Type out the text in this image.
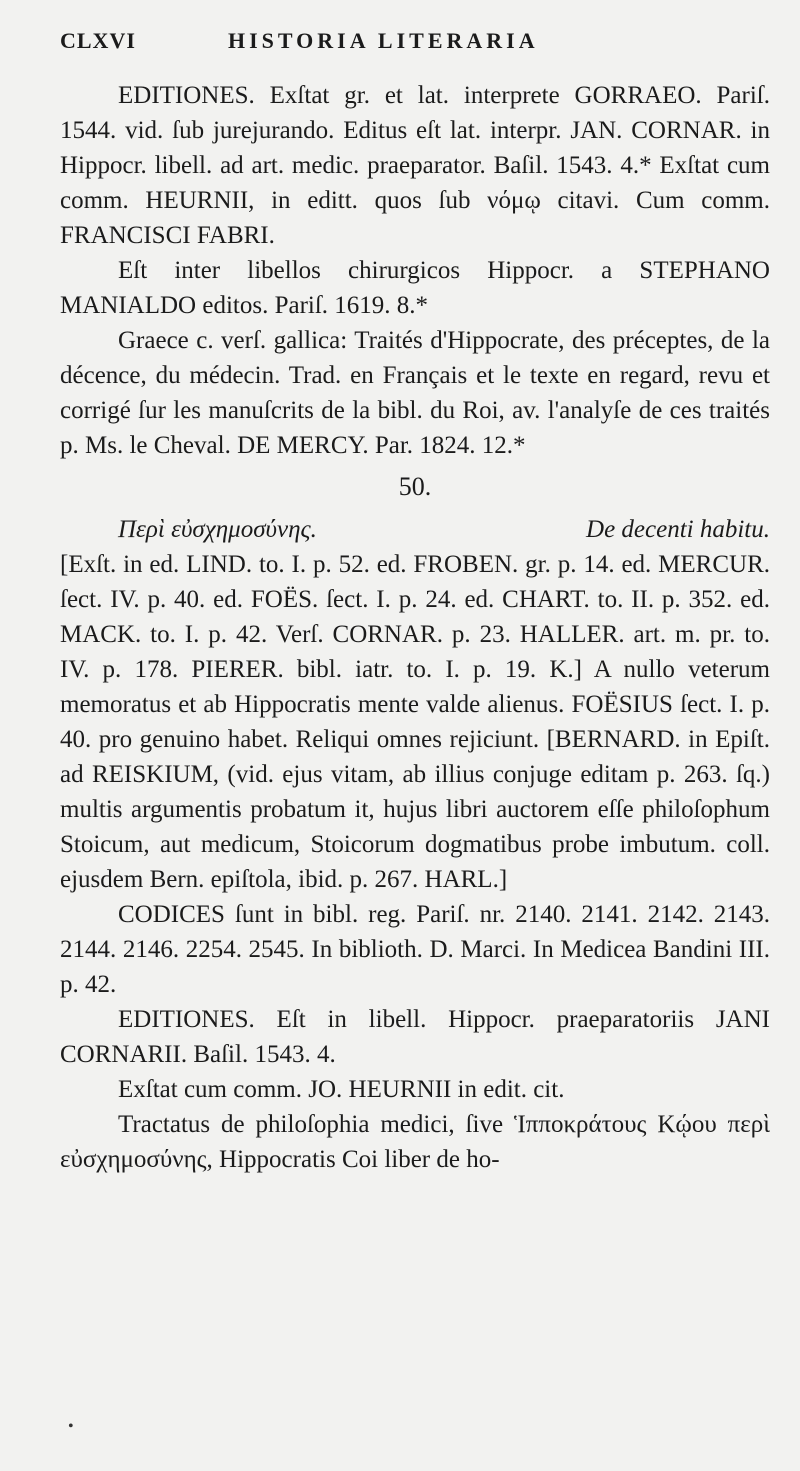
CLXVI	HISTORIA LITERARIA

EDITIONES. Exſtat gr. et lat. interprete GORRAEO. Pariſ. 1544. vid. ſub jurejurando. Editus eſt lat. interpr. JAN. CORNAR. in Hippocr. libell. ad art. medic. praeparator. Baſil. 1543. 4.* Exſtat cum comm. HEURNII, in editt. quos ſub νόμῳ citavi. Cum comm. FRANCISCI FABRI.

Eſt inter libellos chirurgicos Hippocr. a STEPHANO MANIALDO editos. Pariſ. 1619. 8.*

Graece c. verſ. gallica: Traités d'Hippocrate, des préceptes, de la décence, du médecin. Trad. en Français et le texte en regard, revu et corrigé ſur les manuſcrits de la bibl. du Roi, av. l'analyſe de ces traités p. Ms. le Cheval. DE MERCY. Par. 1824. 12.*

50.
Περὶ εὐσχημοσύνης.	De decenti habitu.

[Exſt. in ed. LIND. to. I. p. 52. ed. FROBEN. gr. p. 14. ed. MERCUR. ſect. IV. p. 40. ed. FOËS. ſect. I. p. 24. ed. CHART. to. II. p. 352. ed. MACK. to. I. p. 42. Verſ. CORNAR. p. 23. HALLER. art. m. pr. to. IV. p. 178. PIERER. bibl. iatr. to. I. p. 19. K.] A nullo veterum memoratus et ab Hippocratis mente valde alienus. FOËSIUS ſect. I. p. 40. pro genuino habet. Reliqui omnes rejiciunt. [BERNARD. in Epiſt. ad REISKIUM, (vid. ejus vitam, ab illius conjuge editam p. 263. ſq.) multis argumentis probatum it, hujus libri auctorem eſſe philoſophum Stoicum, aut medicum, Stoicorum dogmatibus probe imbutum. coll. ejusdem Bern. epiſtola, ibid. p. 267. HARL.]

CODICES ſunt in bibl. reg. Pariſ. nr. 2140. 2141. 2142. 2143. 2144. 2146. 2254. 2545. In biblioth. D. Marci. In Medicea Bandini III. p. 42.

EDITIONES. Eſt in libell. Hippocr. praeparatoriis JANI CORNARII. Baſil. 1543. 4.

Exſtat cum comm. JO. HEURNII in edit. cit.

Tractatus de philoſophia medici, ſive Ἱπποκράτους Κῴου περὶ εὐσχημοσύνης, Hippocratis Coi liber de ho-

•
